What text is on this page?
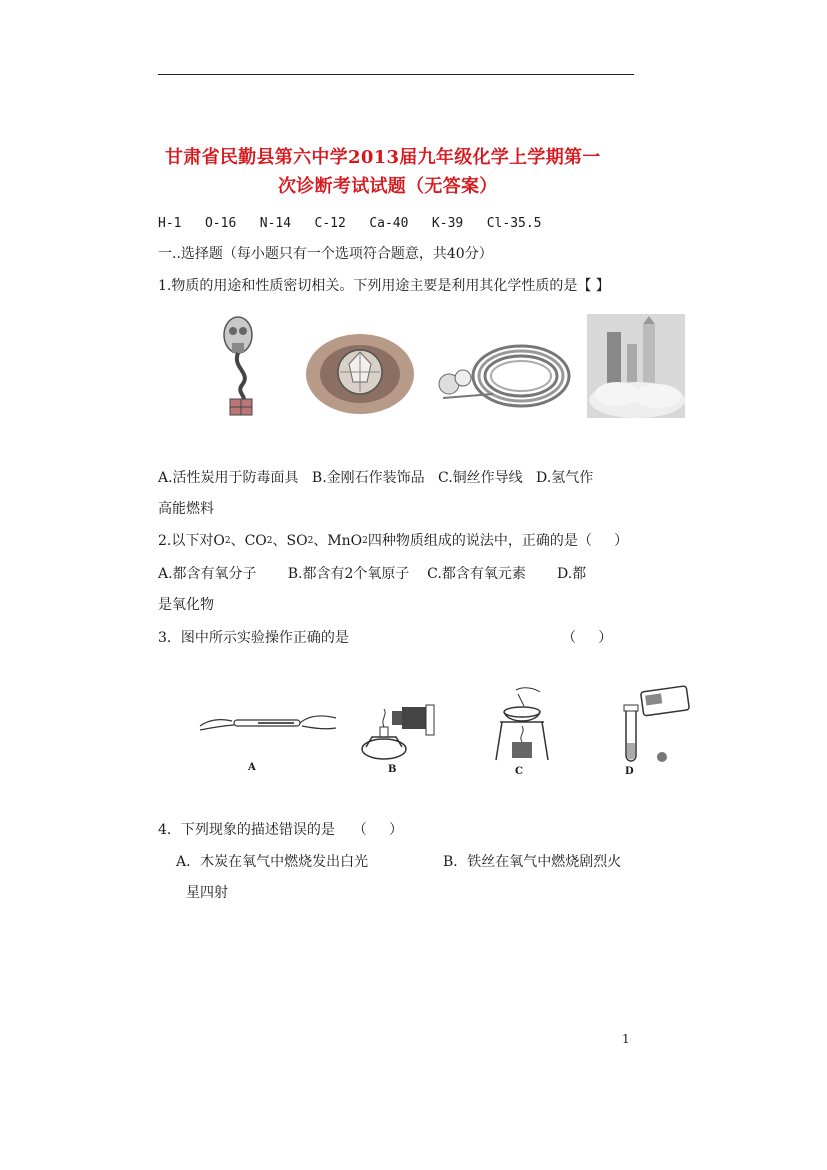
甘肃省民勤县第六中学2013届九年级化学上学期第一
次诊断考试试题（无答案）
H-1   O-16   N-14   C-12   Ca-40   K-39   Cl-35.5
一..选择题（每小题只有一个选项符合题意，共40分）
1.物质的用途和性质密切相关。下列用途主要是利用其化学性质的是【 】
A.活性炭用于防毒面具   B.金刚石作装饰品   C.铜丝作导线   D.氢气作
高能燃料
2.以下对O 2 、CO 2 、SO 2 、MnO 2 四种物质组成的说法中，正确的是（     ）
A.都含有氧分子       B.都含有2个氧原子    C.都含有氧元素       D.都
是氧化物
3．图中所示实验操作正确的是	（     ）
A	B	C	D
4．下列现象的描述错误的是    （     ）
A．木炭在氧气中燃烧发出白光	B．铁丝在氧气中燃烧剧烈火
星四射
1
